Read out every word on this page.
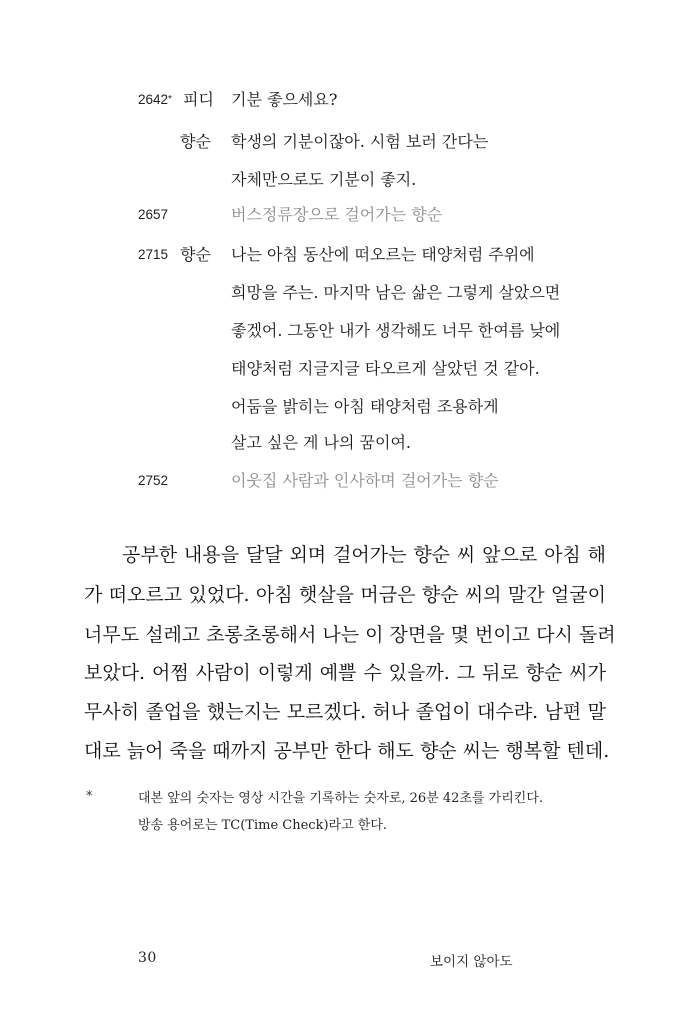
2642* 피디 기분 좋으세요?
향순 학생의 기분이잖아. 시험 보러 간다는
자체만으로도 기분이 좋지.
2657	버스정류장으로 걸어가는 향순
2715 향순 나는 아침 동산에 떠오르는 태양처럼 주위에
희망을 주는. 마지막 남은 삶은 그렇게 살았으면
좋겠어. 그동안 내가 생각해도 너무 한여름 낮에
태양처럼 지글지글 타오르게 살았던 것 같아.
어둠을 밝히는 아침 태양처럼 조용하게
살고 싶은 게 나의 꿈이여.
2752	이웃집 사람과 인사하며 걸어가는 향순
공부한 내용을 달달 외며 걸어가는 향순 씨 앞으로 아침 해
가 떠오르고 있었다. 아침 햇살을 머금은 향순 씨의 말간 얼굴이
너무도 설레고 초롱초롱해서 나는 이 장면을 몇 번이고 다시 돌려
보았다. 어쩜 사람이 이렇게 예쁠 수 있을까. 그 뒤로 향순 씨가
무사히 졸업을 했는지는 모르겠다. 허나 졸업이 대수랴. 남편 말
대로 늙어 죽을 때까지 공부만 한다 해도 향순 씨는 행복할 텐데.
*	대본 앞의 숫자는 영상 시간을 기록하는 숫자로, 26분 42초를 가리킨다.
방송 용어로는 TC(Time Check)라고 한다.
30	보이지 않아도
